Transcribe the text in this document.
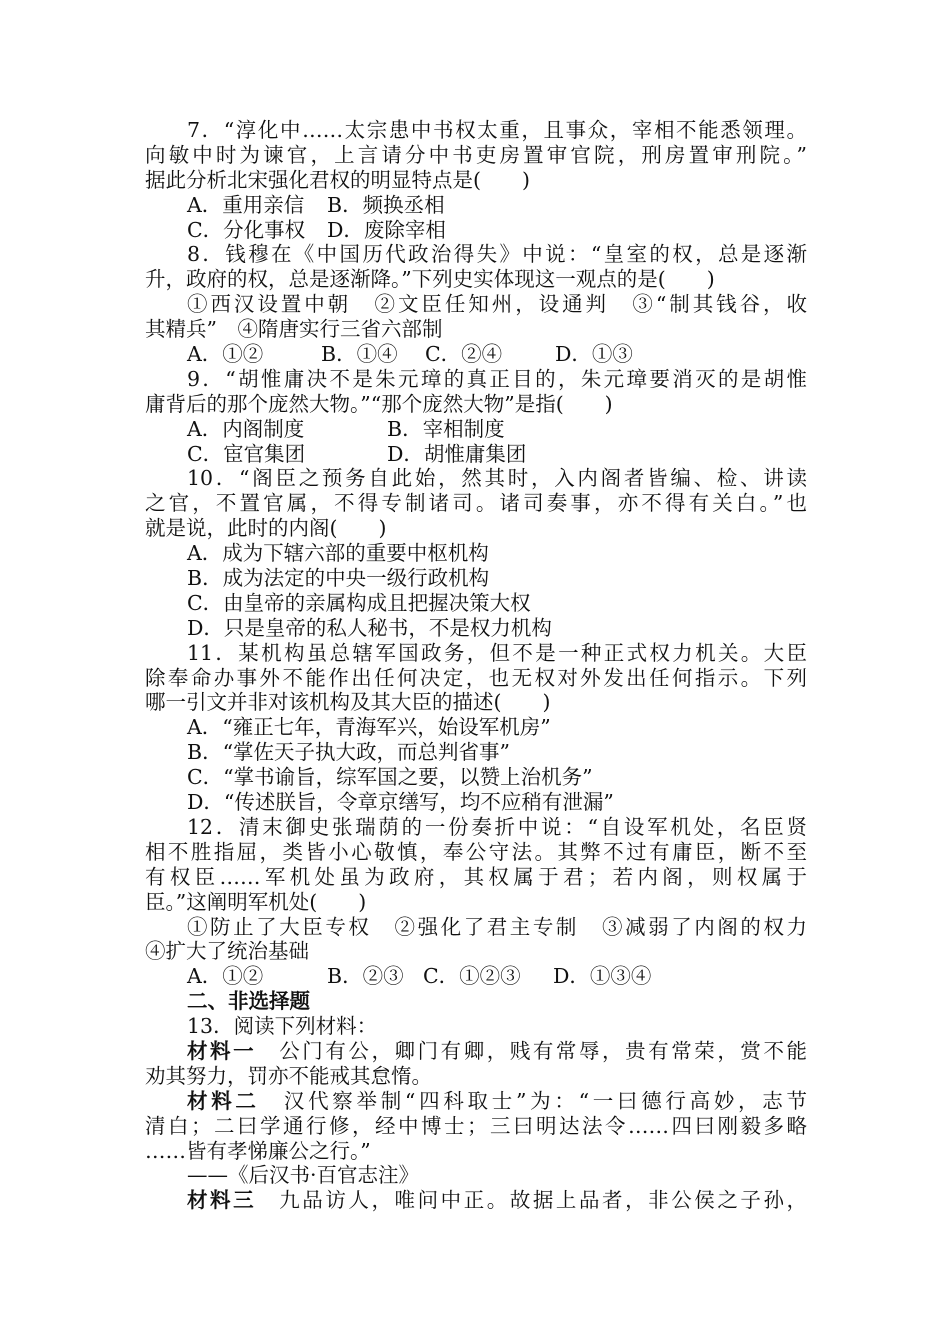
7．“淳化中……太宗患中书权太重，且事众，宰相不能悉领理。
向敏中时为谏官，上言请分中书吏房置审官院，刑房置审刑院。”
据此分析北宋强化君权的明显特点是(　　)
A．重用亲信 B．频换丞相
C．分化事权 D．废除宰相
8．钱穆在《中国历代政治得失》中说：“皇室的权，总是逐渐
升，政府的权，总是逐渐降。”下列史实体现这一观点的是(　　)
①西汉设置中朝　②文臣任知州，设通判　③“制其钱谷，收
其精兵”　④隋唐实行三省六部制
A．①②	B．①④ C．②④	D．①③
9．“胡惟庸决不是朱元璋的真正目的，朱元璋要消灭的是胡惟
庸背后的那个庞然大物。”“那个庞然大物”是指(　　)
A．内阁制度	B．宰相制度
C．宦官集团	D．胡惟庸集团
10．“阁臣之预务自此始，然其时，入内阁者皆编、检、讲读
之官，不置官属，不得专制诸司。诸司奏事，亦不得有关白。”也
就是说，此时的内阁(　　)
A．成为下辖六部的重要中枢机构
B．成为法定的中央一级行政机构
C．由皇帝的亲属构成且把握决策大权
D．只是皇帝的私人秘书，不是权力机构
11．某机构虽总辖军国政务，但不是一种正式权力机关。大臣
除奉命办事外不能作出任何决定，也无权对外发出任何指示。下列
哪一引文并非对该机构及其大臣的描述(　　)
A．“雍正七年，青海军兴，始设军机房”
B．“掌佐天子执大政，而总判省事”
C．“掌书谕旨，综军国之要，以赞上治机务”
D．“传述朕旨，令章京缮写，均不应稍有泄漏”
12．清末御史张瑞荫的一份奏折中说：“自设军机处，名臣贤
相不胜指屈，类皆小心敬慎，奉公守法。其弊不过有庸臣，断不至
有权臣……军机处虽为政府，其权属于君；若内阁，则权属于
臣。”这阐明军机处(　　)
①防止了大臣专权　②强化了君主专制　③减弱了内阁的权力
④扩大了统治基础
A．①②	B．②③ C．①②③ D．①③④
二、非选择题
13．阅读下列材料：
材料一　公门有公，卿门有卿，贱有常辱，贵有常荣，赏不能
劝其努力，罚亦不能戒其怠惰。
材料二　汉代察举制“四科取士”为：“一曰德行高妙，志节
清白；二曰学通行修，经中博士；三曰明达法令……四曰刚毅多略
……皆有孝悌廉公之行。”
——《后汉书·百官志注》
材料三　九品访人，唯问中正。故据上品者，非公侯之子孙，
